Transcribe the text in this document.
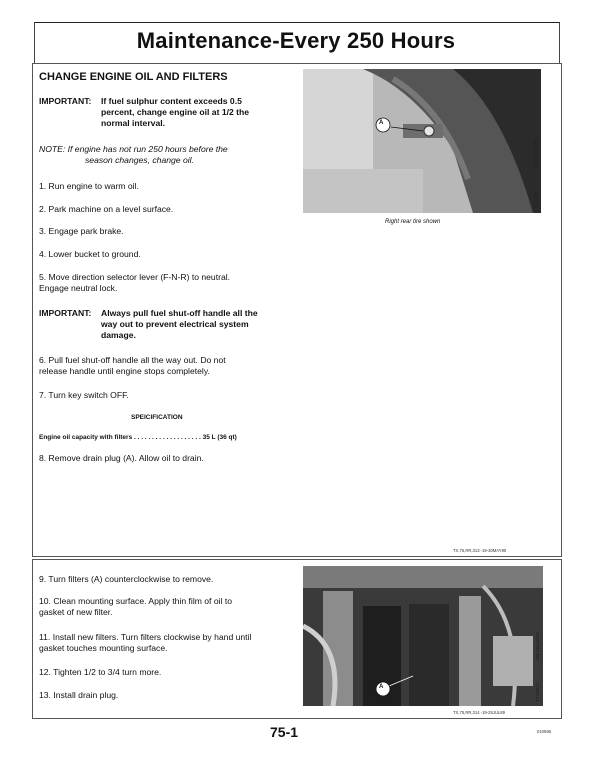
Maintenance-Every 250 Hours
CHANGE ENGINE OIL AND FILTERS
IMPORTANT: If fuel sulphur content exceeds 0.5
percent, change engine oil at 1/2 the
normal interval.
NOTE: If engine has not run 250 hours before the
season changes, change oil.
1. Run engine to warm oil.
2. Park machine on a level surface.
3. Engage park brake.
4. Lower bucket to ground.
5. Move direction selector lever (F-N-R) to neutral.
Engage neutral lock.
IMPORTANT: Always pull fuel shut-off handle all the
way out to prevent electrical system
damage.
6. Pull fuel shut-off handle all the way out. Do not
release handle until engine stops completely.
7. Turn key switch OFF.
SPEICIFICATION
Engine oil capacity with filters . . . . . . . . . . . . . . . . . . . 35 L (36 qt)
8. Remove drain plug (A). Allow oil to drain.
A
T7159AI
-UN-16AUG89
Right rear tire shown
TX,75,RR,313 -19-30MAY90
9. Turn filters (A) counterclockwise to remove.
10. Clean mounting surface. Apply thin film of oil to
gasket of new filter.
11. Install new filters. Turn filters clockwise by hand until
gasket touches mounting surface.
12. Tighten 1/2 to 3/4 turn more.
13. Install drain plug.
A	T7108EX
-UN-16AUG89
TX,75,RR,314 -19-25JUL89
75-1	010596
